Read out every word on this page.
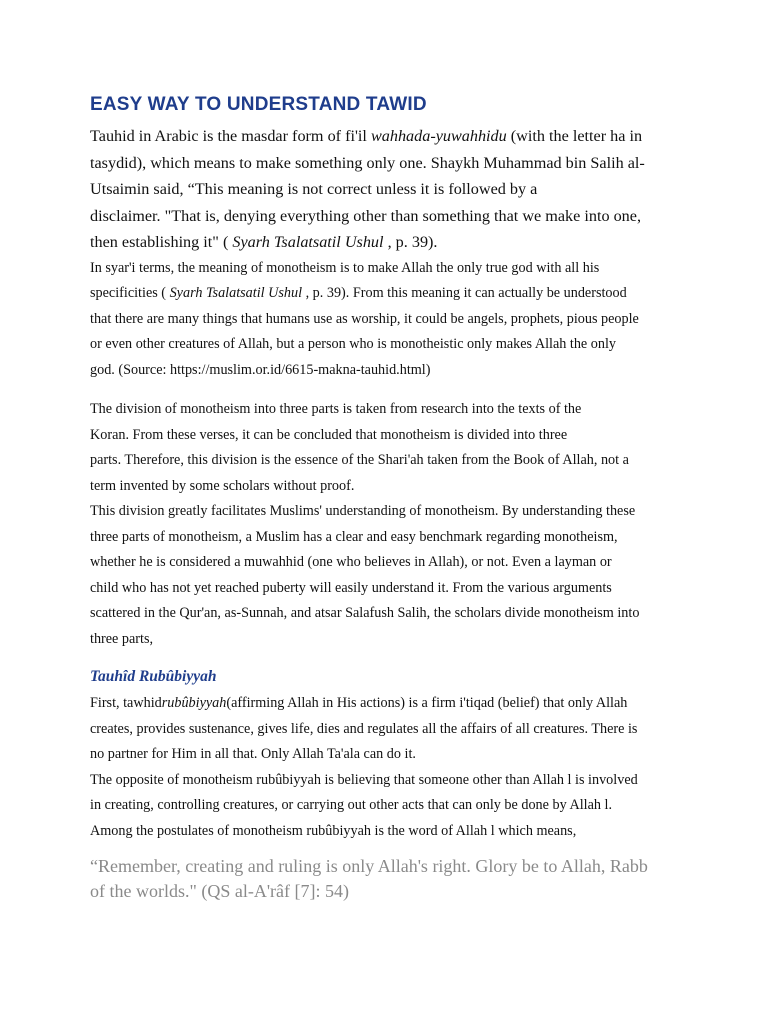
EASY WAY TO UNDERSTAND TAWID

Tauhid in Arabic is the masdar form of fi'il wahhada-yuwahhidu (with the letter ha in
tasydid), which means to make something only one. Shaykh Muhammad bin Salih al-
Utsaimin said, “This meaning is not correct unless it is followed by a
disclaimer. "That is, denying everything other than something that we make into one,
then establishing it" ( Syarh Tsalatsatil Ushul , p. 39).

In syar'i terms, the meaning of monotheism is to make Allah the only true god with all his
specificities ( Syarh Tsalatsatil Ushul , p. 39). From this meaning it can actually be understood
that there are many things that humans use as worship, it could be angels, prophets, pious people
or even other creatures of Allah, but a person who is monotheistic only makes Allah the only
god. (Source: https://muslim.or.id/6615-makna-tauhid.html)

The division of monotheism into three parts is taken from research into the texts of the
Koran. From these verses, it can be concluded that monotheism is divided into three
parts. Therefore, this division is the essence of the Shari'ah taken from the Book of Allah, not a
term invented by some scholars without proof.
This division greatly facilitates Muslims' understanding of monotheism. By understanding these
three parts of monotheism, a Muslim has a clear and easy benchmark regarding monotheism,
whether he is considered a muwahhid (one who believes in Allah), or not. Even a layman or
child who has not yet reached puberty will easily understand it. From the various arguments
scattered in the Qur'an, as-Sunnah, and atsar Salafush Salih, the scholars divide monotheism into
three parts,

Tauhîd Rubûbiyyah

First, tawhidrubûbiyyah(affirming Allah in His actions) is a firm i'tiqad (belief) that only Allah
creates, provides sustenance, gives life, dies and regulates all the affairs of all creatures. There is
no partner for Him in all that. Only Allah Ta'ala can do it.
The opposite of monotheism rubûbiyyah is believing that someone other than Allah l is involved
in creating, controlling creatures, or carrying out other acts that can only be done by Allah l.
Among the postulates of monotheism rubûbiyyah is the word of Allah l which means,

“Remember, creating and ruling is only Allah's right. Glory be to Allah, Rabb
of the worlds." (QS al-A'râf [7]: 54)
